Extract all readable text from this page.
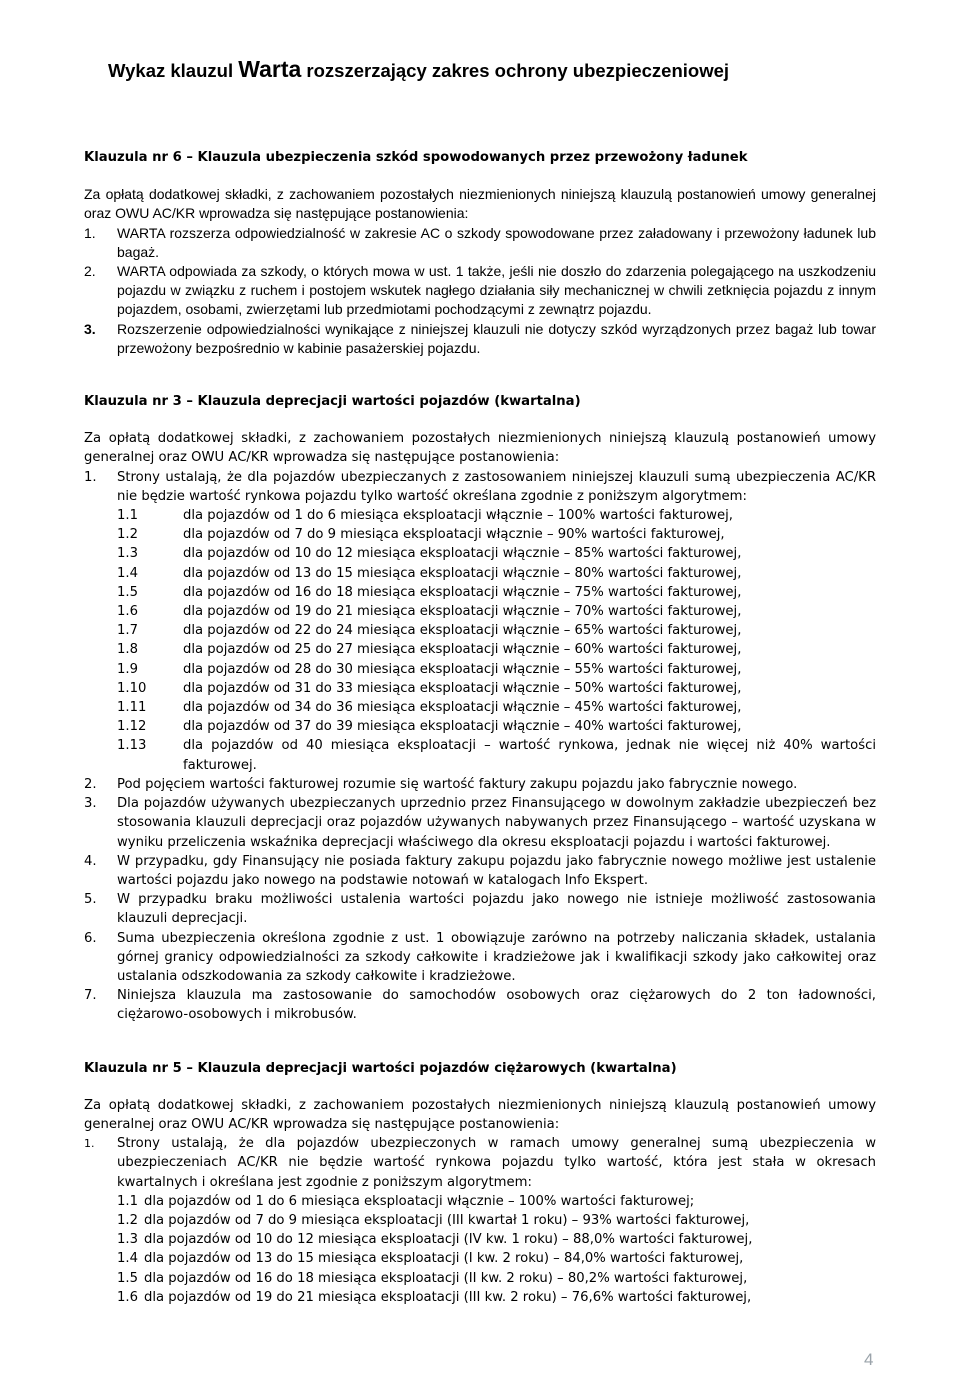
Wykaz klauzul Warta rozszerzający zakres ochrony ubezpieczeniowej

Klauzula nr 6 – Klauzula ubezpieczenia szkód spowodowanych przez przewożony ładunek

Za opłatą dodatkowej składki, z zachowaniem pozostałych niezmienionych niniejszą klauzulą postanowień umowy generalnej oraz OWU AC/KR wprowadza się następujące postanowienia:

1. WARTA rozszerza odpowiedzialność w zakresie AC o szkody spowodowane przez załadowany i przewożony ładunek lub bagaż.
2. WARTA odpowiada za szkody, o których mowa w ust. 1 także, jeśli nie doszło do zdarzenia polegającego na uszkodzeniu pojazdu w związku z ruchem i postojem wskutek nagłego działania siły mechanicznej w chwili zetknięcia pojazdu z innym pojazdem, osobami, zwierzętami lub przedmiotami pochodzącymi z zewnątrz pojazdu.
3. Rozszerzenie odpowiedzialności wynikające z niniejszej klauzuli nie dotyczy szkód wyrządzonych przez bagaż lub towar przewożony bezpośrednio w kabinie pasażerskiej pojazdu.

Klauzula nr 3 – Klauzula deprecjacji wartości pojazdów (kwartalna)

Za opłatą dodatkowej składki, z zachowaniem pozostałych niezmienionych niniejszą klauzulą postanowień umowy generalnej oraz OWU AC/KR wprowadza się następujące postanowienia:

1. Strony ustalają, że dla pojazdów ubezpieczanych z zastosowaniem niniejszej klauzuli sumą ubezpieczenia AC/KR nie będzie wartość rynkowa pojazdu tylko wartość określana zgodnie z poniższym algorytmem:
1.1	dla pojazdów od 1 do 6 miesiąca eksploatacji włącznie – 100% wartości fakturowej,
1.2	dla pojazdów od 7 do 9 miesiąca eksploatacji włącznie – 90% wartości fakturowej,
1.3	dla pojazdów od 10 do 12 miesiąca eksploatacji włącznie – 85% wartości fakturowej,
1.4	dla pojazdów od 13 do 15 miesiąca eksploatacji włącznie – 80% wartości fakturowej,
1.5	dla pojazdów od 16 do 18 miesiąca eksploatacji włącznie – 75% wartości fakturowej,
1.6	dla pojazdów od 19 do 21 miesiąca eksploatacji włącznie – 70% wartości fakturowej,
1.7	dla pojazdów od 22 do 24 miesiąca eksploatacji włącznie – 65% wartości fakturowej,
1.8	dla pojazdów od 25 do 27 miesiąca eksploatacji włącznie – 60% wartości fakturowej,
1.9	dla pojazdów od 28 do 30 miesiąca eksploatacji włącznie – 55% wartości fakturowej,
1.10	dla pojazdów od 31 do 33 miesiąca eksploatacji włącznie – 50% wartości fakturowej,
1.11	dla pojazdów od 34 do 36 miesiąca eksploatacji włącznie – 45% wartości fakturowej,
1.12	dla pojazdów od 37 do 39 miesiąca eksploatacji włącznie – 40% wartości fakturowej,
1.13	dla pojazdów od 40 miesiąca eksploatacji – wartość rynkowa, jednak nie więcej niż 40% wartości fakturowej.
2. Pod pojęciem wartości fakturowej rozumie się wartość faktury zakupu pojazdu jako fabrycznie nowego.
3. Dla pojazdów używanych ubezpieczanych uprzednio przez Finansującego w dowolnym zakładzie ubezpieczeń bez stosowania klauzuli deprecjacji oraz pojazdów używanych nabywanych przez Finansującego – wartość uzyskana w wyniku przeliczenia wskaźnika deprecjacji właściwego dla okresu eksploatacji pojazdu i wartości fakturowej.
4. W przypadku, gdy Finansujący nie posiada faktury zakupu pojazdu jako fabrycznie nowego możliwe jest ustalenie wartości pojazdu jako nowego na podstawie notowań w katalogach Info Ekspert.
5. W przypadku braku możliwości ustalenia wartości pojazdu jako nowego nie istnieje możliwość zastosowania klauzuli deprecjacji.
6. Suma ubezpieczenia określona zgodnie z ust. 1 obowiązuje zarówno na potrzeby naliczania składek, ustalania górnej granicy odpowiedzialności za szkody całkowite i kradzieżowe jak i kwalifikacji szkody jako całkowitej oraz ustalania odszkodowania za szkody całkowite i kradzieżowe.
7. Niniejsza klauzula ma zastosowanie do samochodów osobowych oraz ciężarowych do 2 ton ładowności, ciężarowo-osobowych i mikrobusów.

Klauzula nr 5 – Klauzula deprecjacji wartości pojazdów ciężarowych (kwartalna)

Za opłatą dodatkowej składki, z zachowaniem pozostałych niezmienionych niniejszą klauzulą postanowień umowy generalnej oraz OWU AC/KR wprowadza się następujące postanowienia:

1. Strony ustalają, że dla pojazdów ubezpieczonych w ramach umowy generalnej sumą ubezpieczenia w ubezpieczeniach AC/KR nie będzie wartość rynkowa pojazdu tylko wartość, która jest stała w okresach kwartalnych i określana jest zgodnie z poniższym algorytmem:
1.1 dla pojazdów od 1 do 6 miesiąca eksploatacji włącznie – 100% wartości fakturowej;
1.2 dla pojazdów od 7 do 9 miesiąca eksploatacji (III kwartał 1 roku) – 93% wartości fakturowej,
1.3 dla pojazdów od 10 do 12 miesiąca eksploatacji (IV kw. 1 roku) – 88,0% wartości fakturowej,
1.4 dla pojazdów od 13 do 15 miesiąca eksploatacji (I kw. 2 roku) – 84,0% wartości fakturowej,
1.5 dla pojazdów od 16 do 18 miesiąca eksploatacji (II kw. 2 roku) – 80,2% wartości fakturowej,
1.6 dla pojazdów od 19 do 21 miesiąca eksploatacji (III kw. 2 roku) – 76,6% wartości fakturowej,
4
